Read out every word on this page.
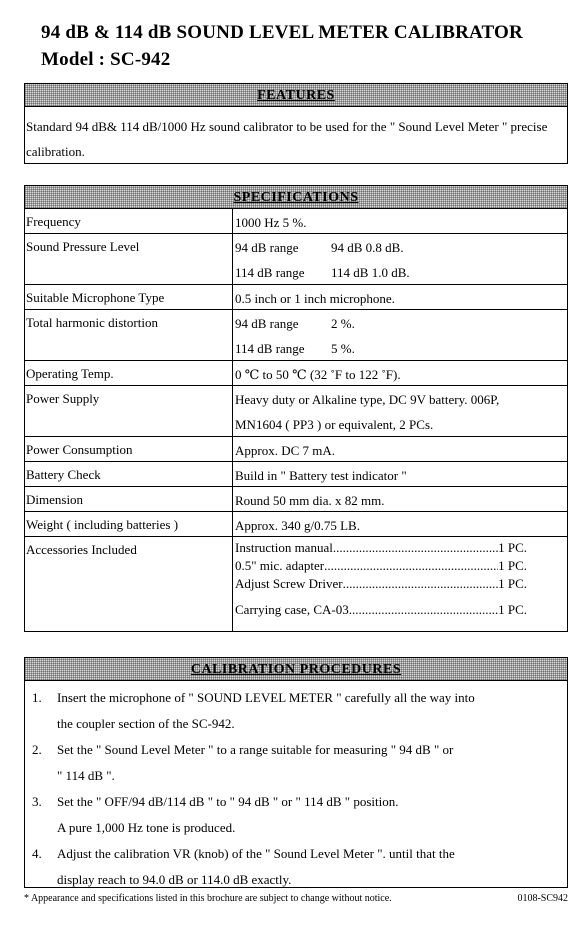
94 dB & 114 dB SOUND LEVEL METER CALIBRATOR
Model : SC-942
FEATURES
Standard 94 dB& 114 dB/1000 Hz sound calibrator to be used for the " Sound Level Meter " precise calibration.
SPECIFICATIONS
Frequency	1000 Hz 5 %.
Sound Pressure Level	94 dB range 94 dB 0.8 dB.
114 dB range 114 dB 1.0 dB.
Suitable Microphone Type	0.5 inch or 1 inch microphone.
Total harmonic distortion	94 dB range 2 %.
114 dB range 5 %.
Operating Temp.	0 ℃ to 50 ℃ (32 ˚F to 122 ˚F).
Power Supply	Heavy duty or Alkaline type, DC 9V battery. 006P,
MN1604 ( PP3 ) or equivalent, 2 PCs.
Power Consumption	Approx. DC 7 mA.
Battery Check	Build in " Battery test indicator "
Dimension	Round 50 mm dia. x 82 mm.
Weight ( including batteries )	Approx. 340 g/0.75 LB.
Accessories Included	Instruction manual .....	1 PC.
0.5" mic. adapter .....	1 PC.
Adjust Screw Driver .....	1 PC.
Carrying case, CA-03 .....	1 PC.
CALIBRATION PROCEDURES
1.	Insert the microphone of " SOUND LEVEL METER " carefully all the way into
the coupler section of the SC-942.
2.	Set the " Sound Level Meter " to a range suitable for measuring " 94 dB " or
" 114 dB ".
3.	Set the " OFF/94 dB/114 dB " to " 94 dB " or " 114 dB " position.
A pure 1,000 Hz tone is produced.
4.	Adjust the calibration VR (knob) of the " Sound Level Meter ". until that the
display reach to 94.0 dB or 114.0 dB exactly.
* Appearance and specifications listed in this brochure are subject to change without notice.	0108-SC942
